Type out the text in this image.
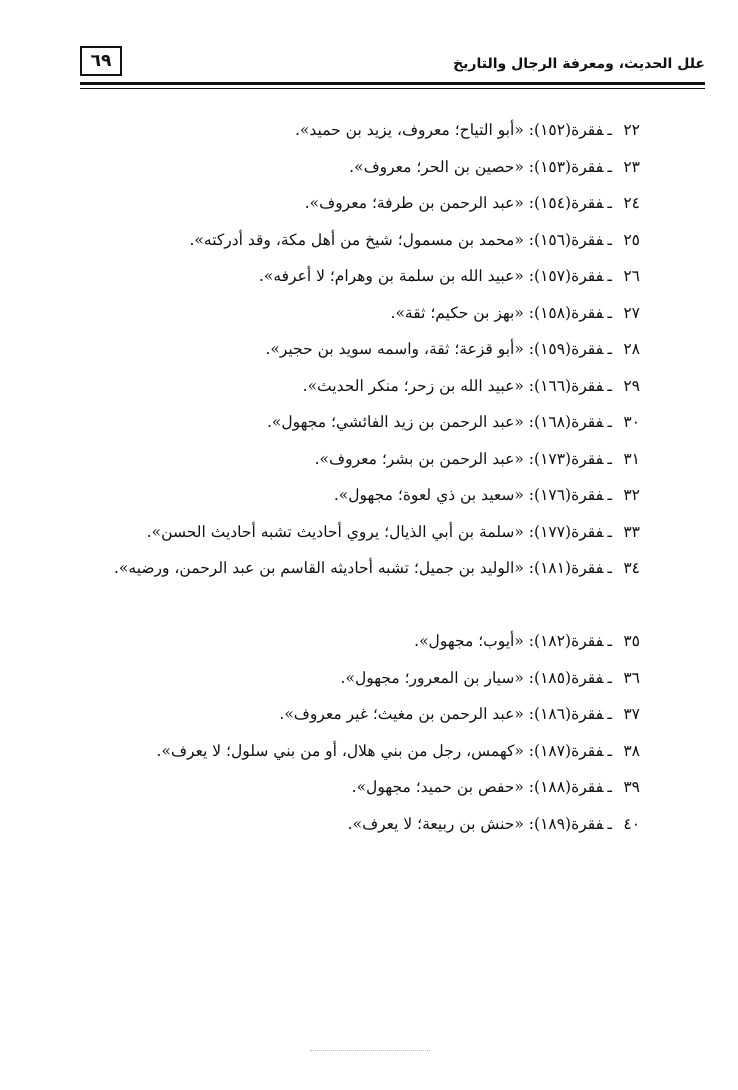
علل الحديث، ومعرفة الرجال والتاريخ
٦٩
٢٢ـفقرة(١٥٢): «أبو التياح؛ معروف، يزيد بن حميد».
٢٣ـفقرة(١٥٣): «حصين بن الحر؛ معروف».
٢٤ـفقرة(١٥٤): «عبد الرحمن بن طرفة؛ معروف».
٢٥ـفقرة(١٥٦): «محمد بن مسمول؛ شيخ من أهل مكة، وقد أدركته».
٢٦ـفقرة(١٥٧): «عبيد الله بن سلمة بن وهرام؛ لا أعرفه».
٢٧ـفقرة(١٥٨): «بهز بن حكيم؛ ثقة».
٢٨ـفقرة(١٥٩): «أبو قزعة؛ ثقة، واسمه سويد بن حجير».
٢٩ـفقرة(١٦٦): «عبيد الله بن زحر؛ منكر الحديث».
٣٠ـفقرة(١٦٨): «عبد الرحمن بن زيد الفائشي؛ مجهول».
٣١ـفقرة(١٧٣): «عبد الرحمن بن بشر؛ معروف».
٣٢ـفقرة(١٧٦): «سعيد بن ذي لعوة؛ مجهول».
٣٣ـفقرة(١٧٧): «سلمة بن أبي الذيال؛ يروي أحاديث تشبه أحاديث الحسن».
٣٤ـفقرة(١٨١): «الوليد بن جميل؛ تشبه أحاديثه القاسم بن عبد الرحمن، ورضيه».
٣٥ـفقرة(١٨٢): «أيوب؛ مجهول».
٣٦ـفقرة(١٨٥): «سيار بن المعرور؛ مجهول».
٣٧ـفقرة(١٨٦): «عبد الرحمن بن مغيث؛ غير معروف».
٣٨ـفقرة(١٨٧): «كهمس، رجل من بني هلال، أو من بني سلول؛ لا يعرف».
٣٩ـفقرة(١٨٨): «حفص بن حميد؛ مجهول».
٤٠ـفقرة(١٨٩): «حنش بن ربيعة؛ لا يعرف».
